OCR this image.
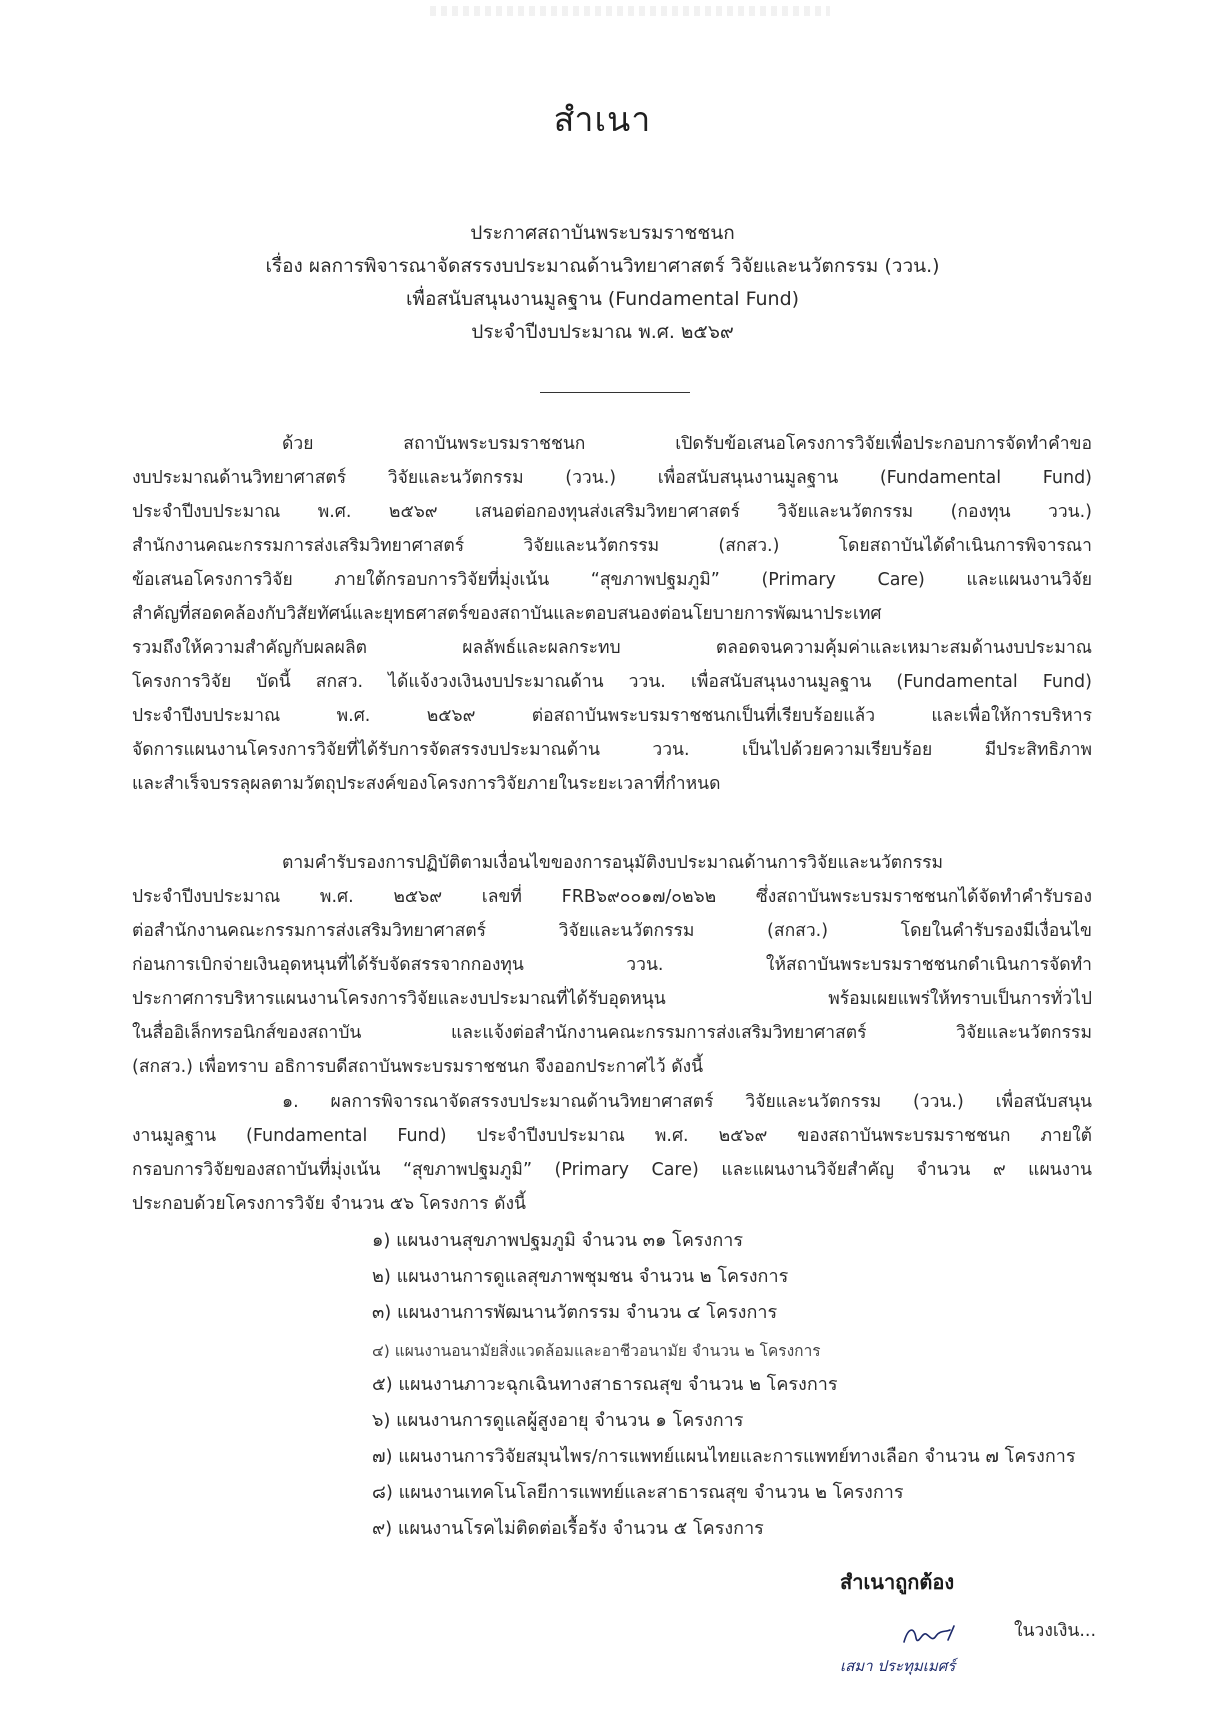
สำเนา
ประกาศสถาบันพระบรมราชชนก
เรื่อง ผลการพิจารณาจัดสรรงบประมาณด้านวิทยาศาสตร์ วิจัยและนวัตกรรม (ววน.)
เพื่อสนับสนุนงานมูลฐาน (Fundamental Fund)
ประจำปีงบประมาณ พ.ศ. ๒๕๖๙
ด้วย สถาบันพระบรมราชชนก เปิดรับข้อเสนอโครงการวิจัยเพื่อประกอบการจัดทำคำขอ
งบประมาณด้านวิทยาศาสตร์ วิจัยและนวัตกรรม (ววน.) เพื่อสนับสนุนงานมูลฐาน (Fundamental Fund)
ประจำปีงบประมาณ พ.ศ. ๒๕๖๙ เสนอต่อกองทุนส่งเสริมวิทยาศาสตร์ วิจัยและนวัตกรรม (กองทุน ววน.)
สำนักงานคณะกรรมการส่งเสริมวิทยาศาสตร์ วิจัยและนวัตกรรม (สกสว.) โดยสถาบันได้ดำเนินการพิจารณา
ข้อเสนอโครงการวิจัย ภายใต้กรอบการวิจัยที่มุ่งเน้น “สุขภาพปฐมภูมิ” (Primary Care) และแผนงานวิจัย
สำคัญที่สอดคล้องกับวิสัยทัศน์และยุทธศาสตร์ของสถาบันและตอบสนองต่อนโยบายการพัฒนาประเทศ
รวมถึงให้ความสำคัญกับผลผลิต ผลลัพธ์และผลกระทบ ตลอดจนความคุ้มค่าและเหมาะสมด้านงบประมาณ
โครงการวิจัย บัดนี้ สกสว. ได้แจ้งวงเงินงบประมาณด้าน ววน. เพื่อสนับสนุนงานมูลฐาน (Fundamental Fund)
ประจำปีงบประมาณ พ.ศ. ๒๕๖๙ ต่อสถาบันพระบรมราชชนกเป็นที่เรียบร้อยแล้ว และเพื่อให้การบริหาร
จัดการแผนงานโครงการวิจัยที่ได้รับการจัดสรรงบประมาณด้าน ววน. เป็นไปด้วยความเรียบร้อย มีประสิทธิภาพ
และสำเร็จบรรลุผลตามวัตถุประสงค์ของโครงการวิจัยภายในระยะเวลาที่กำหนด
ตามคำรับรองการปฏิบัติตามเงื่อนไขของการอนุมัติงบประมาณด้านการวิจัยและนวัตกรรม
ประจำปีงบประมาณ พ.ศ. ๒๕๖๙ เลขที่ FRB๖๙๐๐๑๗/๐๒๖๒ ซึ่งสถาบันพระบรมราชชนกได้จัดทำคำรับรอง
ต่อสำนักงานคณะกรรมการส่งเสริมวิทยาศาสตร์ วิจัยและนวัตกรรม (สกสว.) โดยในคำรับรองมีเงื่อนไข
ก่อนการเบิกจ่ายเงินอุดหนุนที่ได้รับจัดสรรจากกองทุน ววน. ให้สถาบันพระบรมราชชนกดำเนินการจัดทำ
ประกาศการบริหารแผนงานโครงการวิจัยและงบประมาณที่ได้รับอุดหนุน พร้อมเผยแพร่ให้ทราบเป็นการทั่วไป
ในสื่ออิเล็กทรอนิกส์ของสถาบัน และแจ้งต่อสำนักงานคณะกรรมการส่งเสริมวิทยาศาสตร์ วิจัยและนวัตกรรม
(สกสว.) เพื่อทราบ อธิการบดีสถาบันพระบรมราชชนก จึงออกประกาศไว้ ดังนี้
๑. ผลการพิจารณาจัดสรรงบประมาณด้านวิทยาศาสตร์ วิจัยและนวัตกรรม (ววน.) เพื่อสนับสนุน
งานมูลฐาน (Fundamental Fund) ประจำปีงบประมาณ พ.ศ. ๒๕๖๙ ของสถาบันพระบรมราชชนก ภายใต้
กรอบการวิจัยของสถาบันที่มุ่งเน้น “สุขภาพปฐมภูมิ” (Primary Care) และแผนงานวิจัยสำคัญ จำนวน ๙ แผนงาน
ประกอบด้วยโครงการวิจัย จำนวน ๕๖ โครงการ ดังนี้
๑) แผนงานสุขภาพปฐมภูมิ จำนวน ๓๑ โครงการ
๒) แผนงานการดูแลสุขภาพชุมชน จำนวน ๒ โครงการ
๓) แผนงานการพัฒนานวัตกรรม จำนวน ๔ โครงการ
๔) แผนงานอนามัยสิ่งแวดล้อมและอาชีวอนามัย จำนวน ๒ โครงการ
๕) แผนงานภาวะฉุกเฉินทางสาธารณสุข จำนวน ๒ โครงการ
๖) แผนงานการดูแลผู้สูงอายุ จำนวน ๑ โครงการ
๗) แผนงานการวิจัยสมุนไพร/การแพทย์แผนไทยและการแพทย์ทางเลือก จำนวน ๗ โครงการ
๘) แผนงานเทคโนโลยีการแพทย์และสาธารณสุข จำนวน ๒ โครงการ
๙) แผนงานโรคไม่ติดต่อเรื้อรัง จำนวน ๕ โครงการ
สำเนาถูกต้อง
เสมา ประทุมเมศร์
ในวงเงิน...
